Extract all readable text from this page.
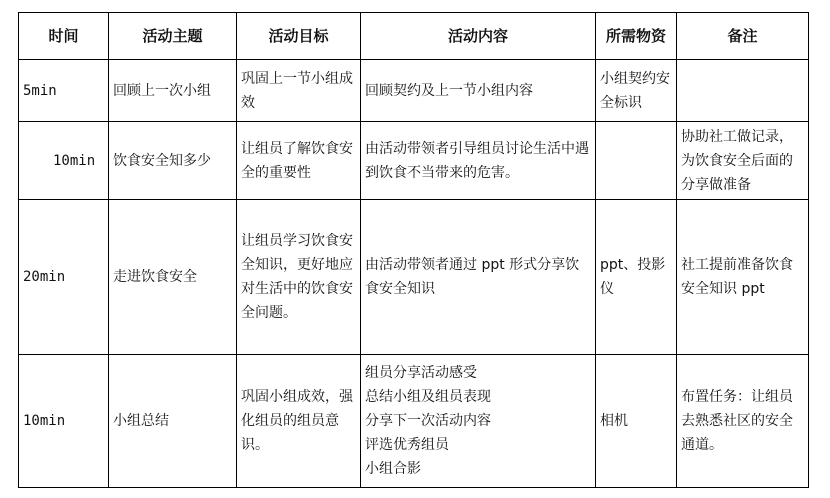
时间	活动主题	活动目标	活动内容	所需物资	备注
5min	回顾上一次小组	巩固上一节小组成效	回顾契约及上一节小组内容	小组契约安全标识	
10min	饮食安全知多少	让组员了解饮食安全的重要性	由活动带领者引导组员讨论生活中遇到饮食不当带来的危害。		协助社工做记录，为饮食安全后面的分享做准备
20min	走进饮食安全	让组员学习饮食安全知识，更好地应对生活中的饮食安全问题。	由活动带领者通过 ppt 形式分享饮食安全知识	ppt、投影仪	社工提前准备饮食安全知识 ppt
10min	小组总结	巩固小组成效，强化组员的组员意识。	组员分享活动感受
总结小组及组员表现
分享下一次活动内容
评选优秀组员
小组合影	相机	布置任务：让组员去熟悉社区的安全通道。
